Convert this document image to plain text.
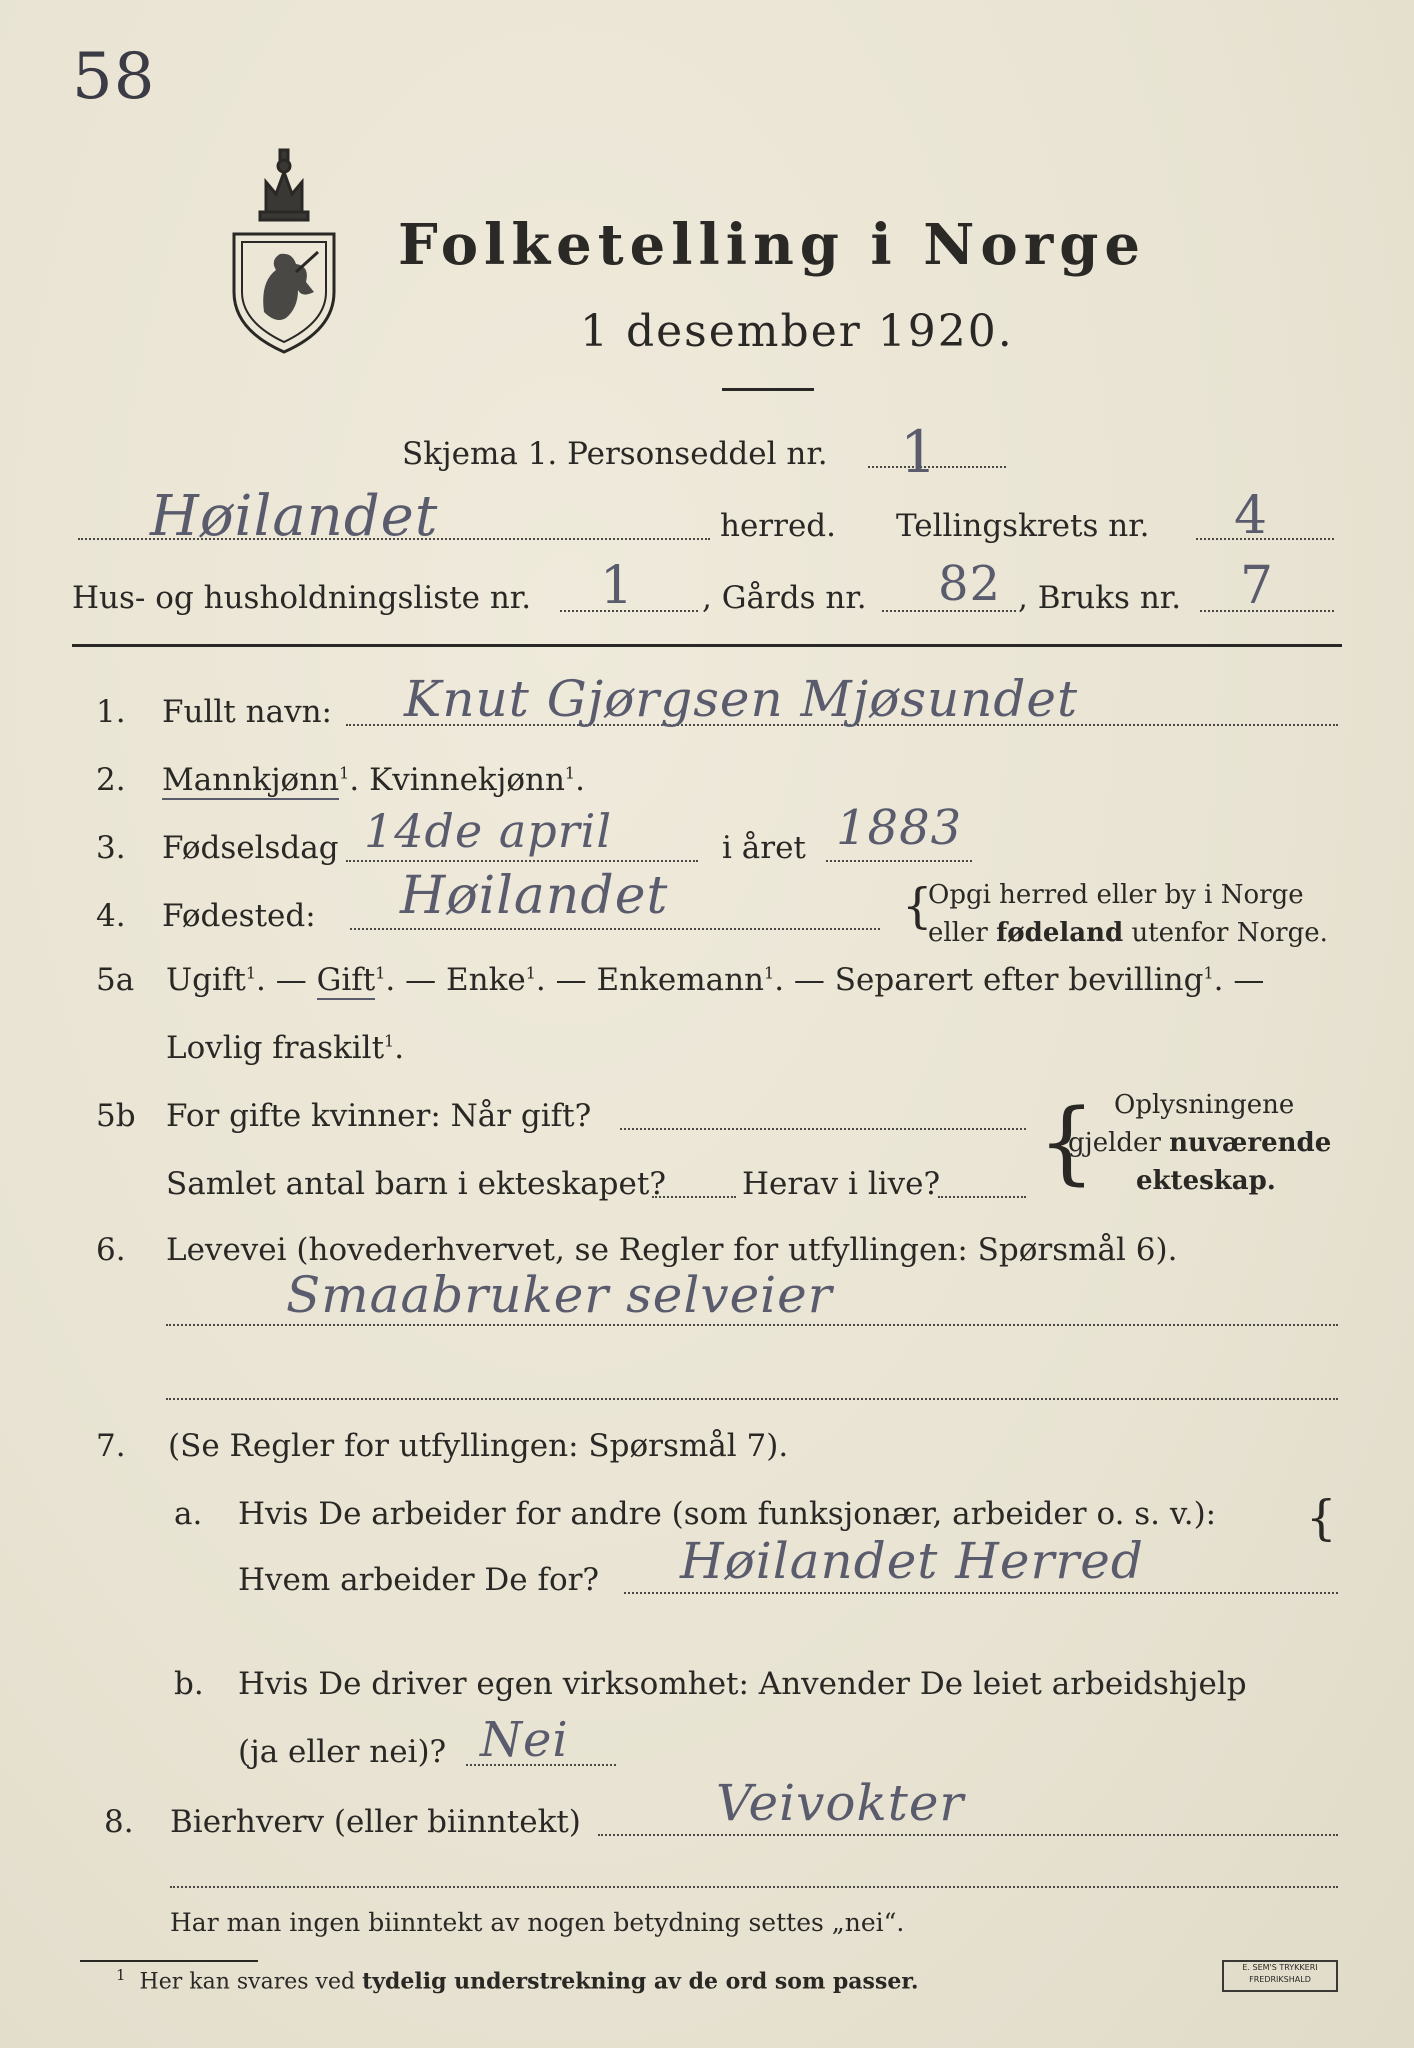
58
Folketelling i Norge
1 desember 1920.
Skjema 1. Personseddel nr. 1
Høilandet	herred. Tellingskrets nr. 4
Hus- og husholdningsliste nr. 1 , Gårds nr. 82 , Bruks nr. 7
1. Fullt navn: Knut Gjørgsen Mjøsundet
2. Mannkjønn$^1$. Kvinnekjønn$^1$.
3. Fødselsdag 14de april	i året 1883
4. Fødested: Høilandet	{
Opgi herred eller by i Norge
eller fødeland utenfor Norge.
5a Ugift$^1$. — Gift$^1$. — Enke$^1$. — Enkemann$^1$. — Separert efter bevilling$^1$. —
Lovlig fraskilt$^1$.
5b For gifte kvinner: Når gift?
Samlet antal barn i ekteskapet? Herav i live? { Oplysningene
gjelder nuværende
ekteskap.
6. Levevei (hovederhvervet, se Regler for utfyllingen: Spørsmål 6).
Smaabruker selveier
7. (Se Regler for utfyllingen: Spørsmål 7).
a. Hvis De arbeider for andre (som funksjonær, arbeider o. s. v.): {
Hvem arbeider De for? Høilandet Herred
b. Hvis De driver egen virksomhet: Anvender De leiet arbeidshjelp
(ja eller nei)? Nei
8. Bierhverv (eller biinntekt)	Veivokter
Har man ingen biinntekt av nogen betydning settes „nei“.
$^1$ Her kan svares ved tydelig understrekning av de ord som passer.
E. SEM'S TRYKKERI
FREDRIKSHALD
